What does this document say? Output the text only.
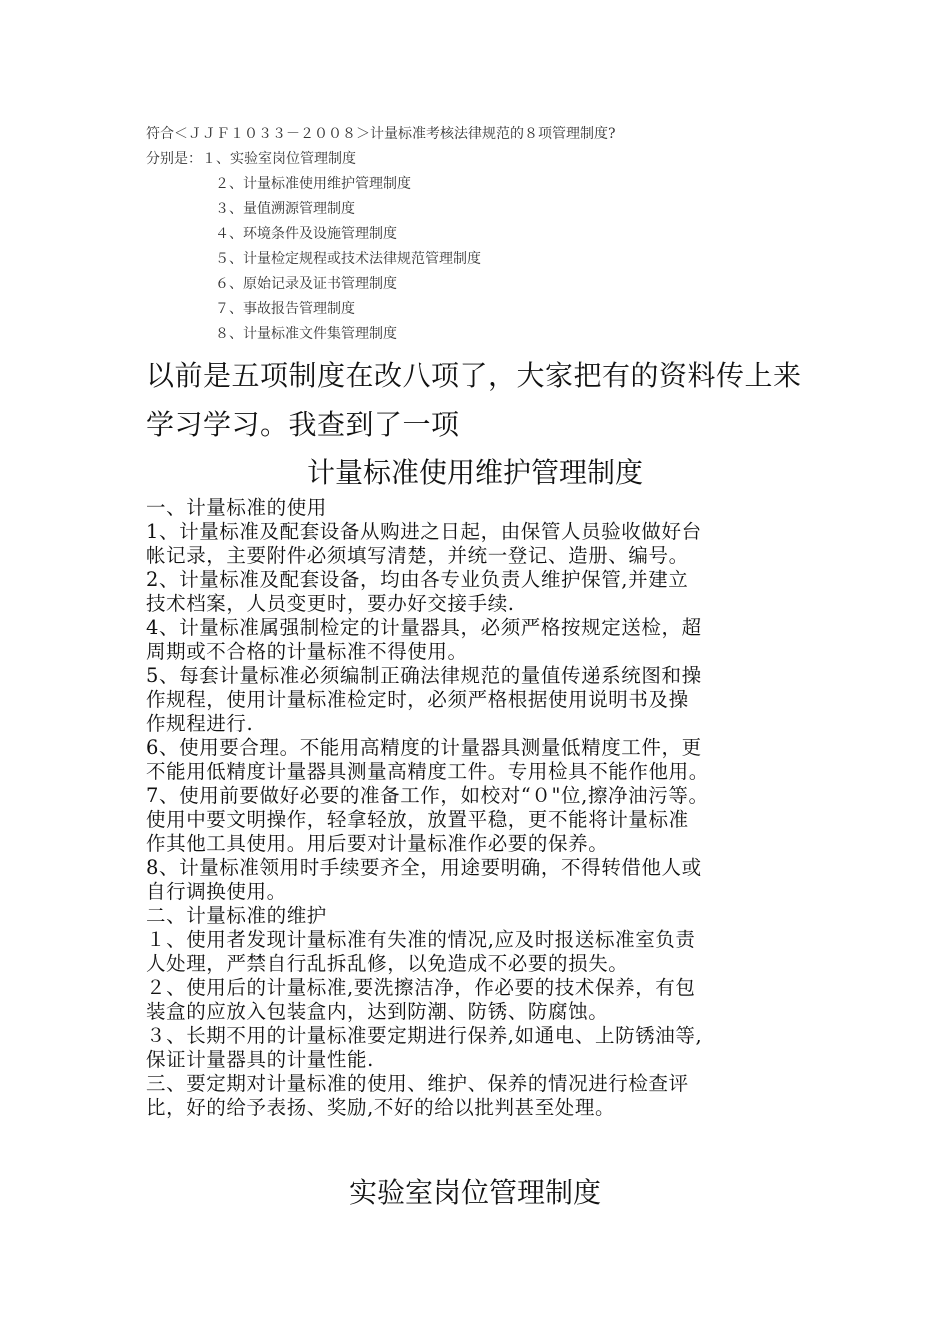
符合＜ＪＪＦ１０３３－２００８＞计量标准考核法律规范的８项管理制度?
分别是：１、实验室岗位管理制度
２、计量标准使用维护管理制度
３、量值溯源管理制度
４、环境条件及设施管理制度
５、计量检定规程或技术法律规范管理制度
６、原始记录及证书管理制度
７、事故报告管理制度
８、计量标准文件集管理制度
以前是五项制度在改八项了，大家把有的资料传上来
学习学习。我查到了一项
计量标准使用维护管理制度

一、计量标准的使用

1、计量标准及配套设备从购进之日起，由保管人员验收做好台

帐记录，主要附件必须填写清楚，并统一登记、造册、编号。

2、计量标准及配套设备，均由各专业负责人维护保管,并建立

技术档案，人员变更时，要办好交接手续.

4、计量标准属强制检定的计量器具，必须严格按规定送检，超

周期或不合格的计量标准不得使用。

5、每套计量标准必须编制正确法律规范的量值传递系统图和操

作规程，使用计量标准检定时，必须严格根据使用说明书及操

作规程进行.

6、使用要合理。不能用高精度的计量器具测量低精度工件，更

不能用低精度计量器具测量高精度工件。专用检具不能作他用。

7、使用前要做好必要的准备工作，如校对“０"位,擦净油污等。

使用中要文明操作，轻拿轻放，放置平稳，更不能将计量标准

作其他工具使用。用后要对计量标准作必要的保养。

8、计量标准领用时手续要齐全，用途要明确，不得转借他人或

自行调换使用。

二、计量标准的维护

１、使用者发现计量标准有失准的情况,应及时报送标准室负责

人处理，严禁自行乱拆乱修，以免造成不必要的损失。

２、使用后的计量标准,要洗擦洁净，作必要的技术保养，有包

装盒的应放入包装盒内，达到防潮、防锈、防腐蚀。

３、长期不用的计量标准要定期进行保养,如通电、上防锈油等,

保证计量器具的计量性能.

三、要定期对计量标准的使用、维护、保养的情况进行检查评

比，好的给予表扬、奖励,不好的给以批判甚至处理。

实验室岗位管理制度
